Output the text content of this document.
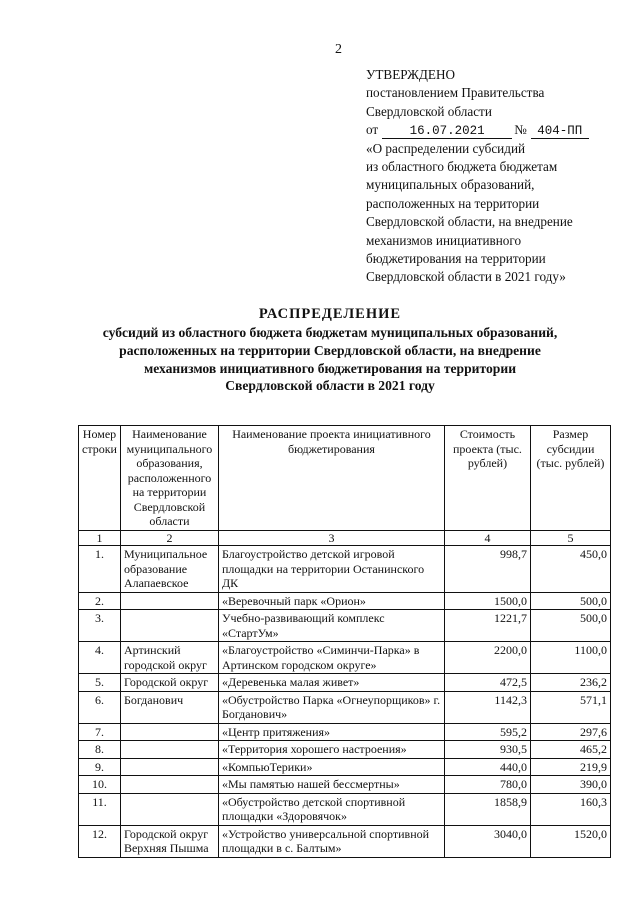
2
УТВЕРЖДЕНО
постановлением Правительства
Свердловской области
от	16.07.2021 № 404-ПП
«О распределении субсидий
из областного бюджета бюджетам
муниципальных образований,
расположенных на территории
Свердловской области, на внедрение
механизмов инициативного
бюджетирования на территории
Свердловской области в 2021 году»
РАСПРЕДЕЛЕНИЕ
субсидий из областного бюджета бюджетам муниципальных образований,
расположенных на территории Свердловской области, на внедрение
механизмов инициативного бюджетирования на территории
Свердловской области в 2021 году
Номер строки	Наименование муниципального образования, расположенного на территории Свердловской области	Наименование проекта инициативного бюджетирования	Стоимость проекта (тыс. рублей)	Размер субсидии (тыс. рублей)
1	2	3	4	5
1.	Муниципальное образование Алапаевское	Благоустройство детской игровой площадки на территории Останинского ДК	998,7	450,0
2.		«Веревочный парк «Орион»	1500,0	500,0
3.		Учебно-развивающий комплекс «СтартУм»	1221,7	500,0
4.	Артинский городской округ	«Благоустройство «Симинчи-Парка» в Артинском городском округе»	2200,0	1100,0
5.	Городской округ	«Деревенька малая живет»	472,5	236,2
6.	Богданович	«Обустройство Парка «Огнеупорщиков» г. Богданович»	1142,3	571,1
7.		«Центр притяжения»	595,2	297,6
8.		«Территория хорошего настроения»	930,5	465,2
9.		«КомпьюТерики»	440,0	219,9
10.		«Мы памятью нашей бессмертны»	780,0	390,0
11.		«Обустройство детской спортивной площадки «Здоровячок»	1858,9	160,3
12.	Городской округ Верхняя Пышма	«Устройство универсальной спортивной площадки в с. Балтым»	3040,0	1520,0
